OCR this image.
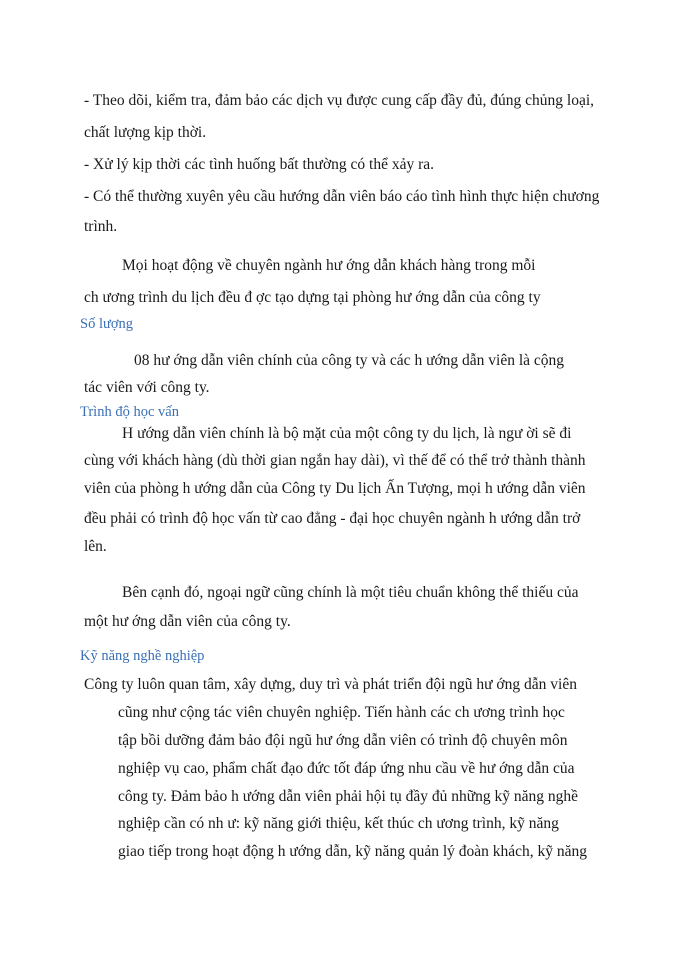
- Theo dõi, kiểm tra, đảm bảo các dịch vụ được cung cấp đầy đủ, đúng chủng loại,
chất lượng kịp thời.
- Xử lý kịp thời các tình huống bất thường có thể xảy ra.
- Có thể thường xuyên yêu cầu hướng dẫn viên báo cáo tình hình thực hiện chương
trình.
Mọi hoạt động về chuyên ngành hư ớng dẫn khách hàng trong mỗi
ch ương trình du lịch đều đ ợc tạo dựng tại phòng hư ớng dẫn của công ty
Số lượng
08 hư ớng dẫn viên chính của công ty và các h ướng dẫn viên là cộng
tác viên với công ty.
Trình độ học vấn
H ướng dẫn viên chính là bộ mặt của một công ty du lịch, là ngư ời sẽ đi
cùng với khách hàng (dù thời gian ngắn hay dài), vì thế để có thể trở thành thành
viên của phòng h ướng dẫn của Công ty Du lịch Ấn Tượng, mọi h ướng dẫn viên
đều phải có trình độ học vấn từ cao đẳng - đại học chuyên ngành h ướng dẫn trở
lên.
Bên cạnh đó, ngoại ngữ cũng chính là một tiêu chuẩn không thể thiếu của
một hư ớng dẫn viên của công ty.
Kỹ năng nghề nghiệp
Công ty luôn quan tâm, xây dựng, duy trì và phát triển đội ngũ hư ớng dẫn viên
cũng như cộng tác viên chuyên nghiệp. Tiến hành các ch ương trình học
tập bồi dưỡng đảm bảo đội ngũ hư ớng dẫn viên có trình độ chuyên môn
nghiệp vụ cao, phẩm chất đạo đức tốt đáp ứng nhu cầu về hư ớng dẫn của
công ty. Đảm bảo h ướng dẫn viên phải hội tụ đầy đủ những kỹ năng nghề
nghiệp cần có nh ư: kỹ năng giới thiệu, kết thúc ch ương trình, kỹ năng
giao tiếp trong hoạt động h ướng dẫn, kỹ năng quản lý đoàn khách, kỹ năng
